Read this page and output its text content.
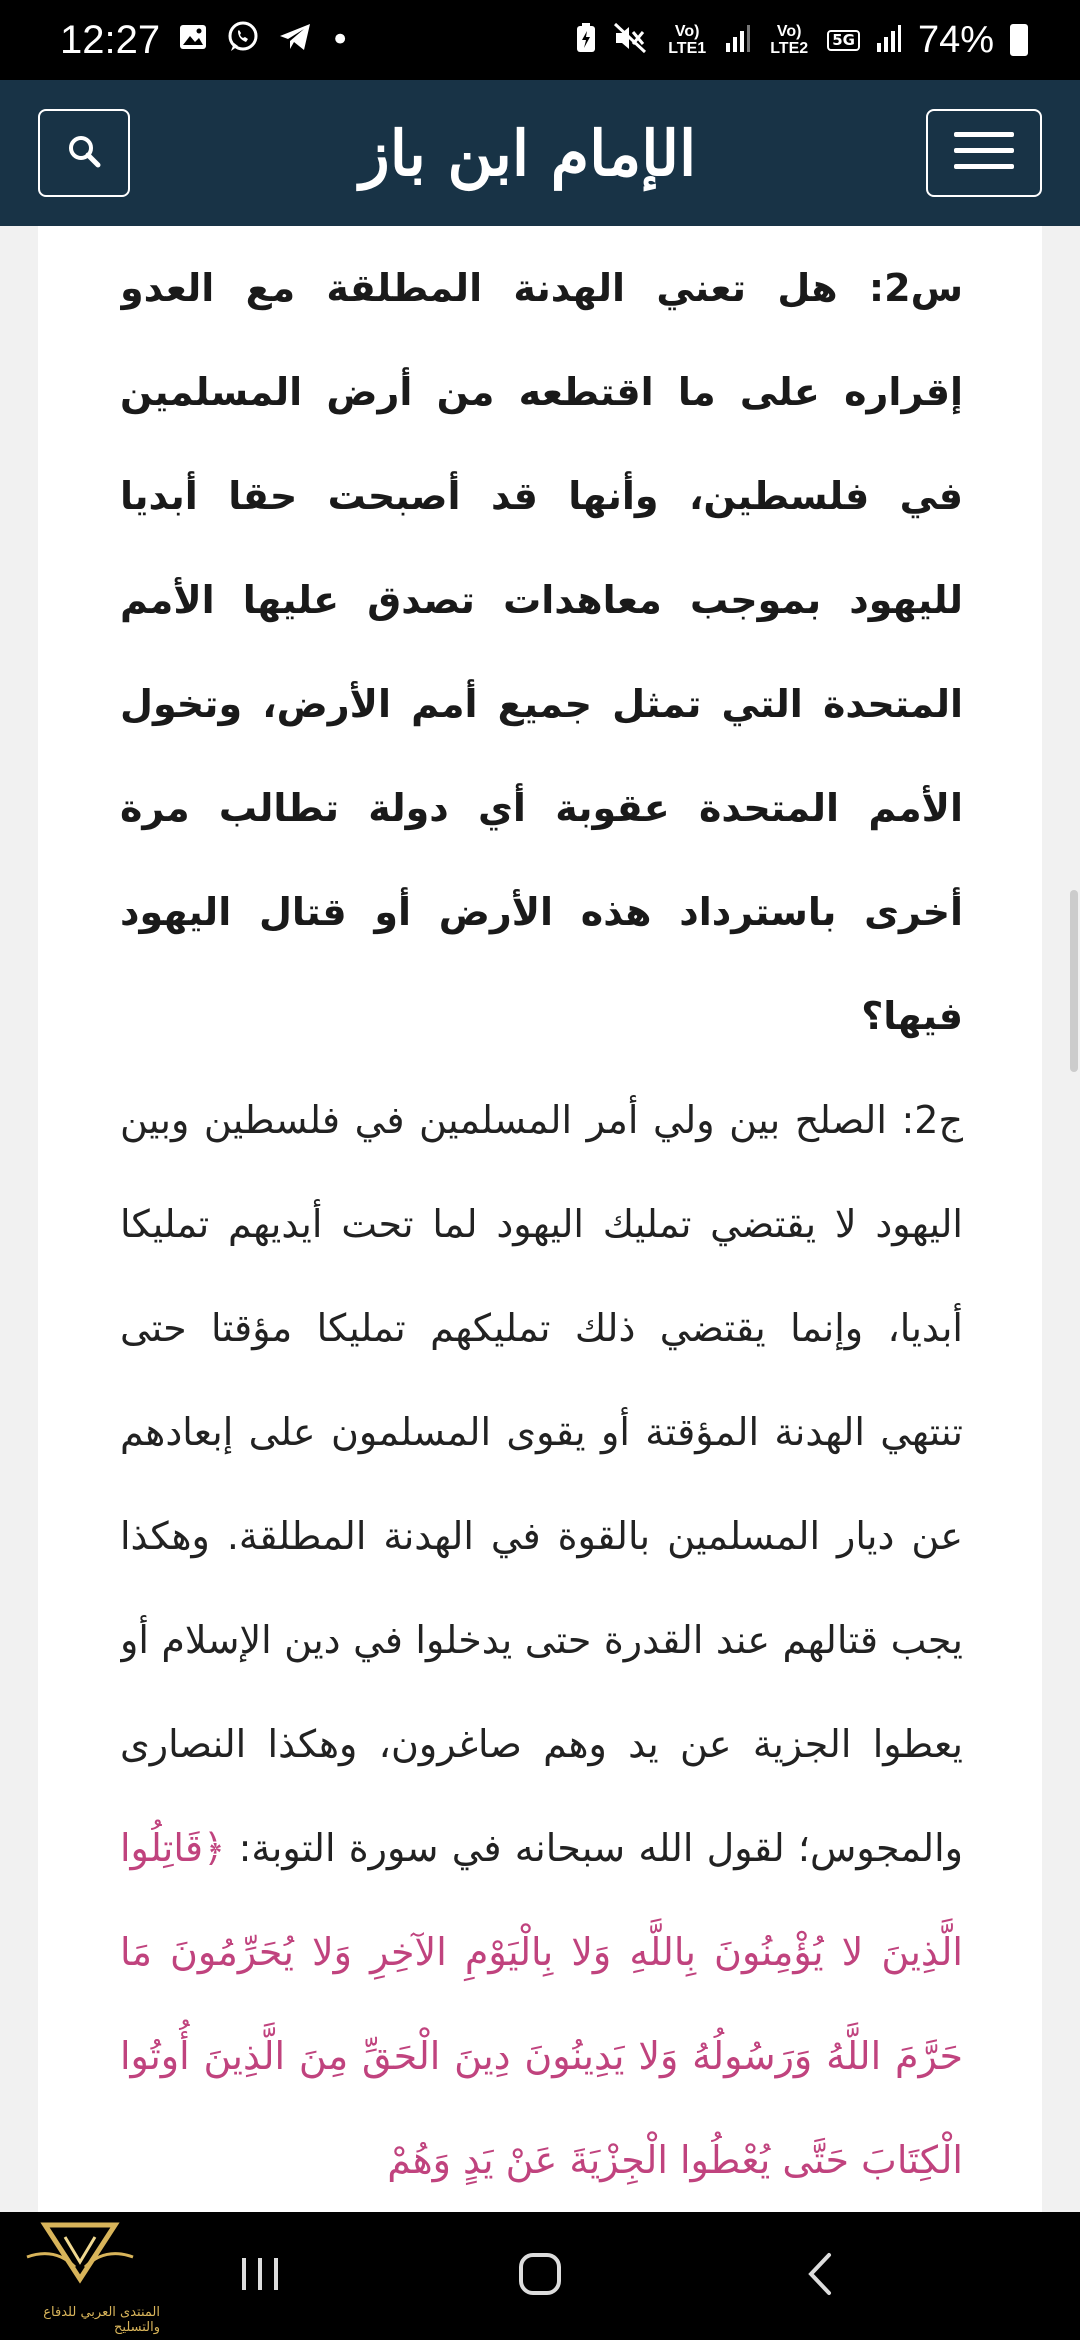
12:27	•	Vo) LTE1
Vo) LTE2	5G 74%
الإمام ابن باز

س2: هل تعني الهدنة المطلقة مع العدو إقراره على ما اقتطعه من أرض المسلمين في فلسطين، وأنها قد أصبحت حقا أبديا لليهود بموجب معاهدات تصدق عليها الأمم المتحدة التي تمثل جميع أمم الأرض، وتخول الأمم المتحدة عقوبة أي دولة تطالب مرة أخرى باسترداد هذه الأرض أو قتال اليهود فيها؟

ج2: الصلح بين ولي أمر المسلمين في فلسطين وبين اليهود لا يقتضي تمليك اليهود لما تحت أيديهم تمليكا أبديا، وإنما يقتضي ذلك تمليكهم تمليكا مؤقتا حتى تنتهي الهدنة المؤقتة أو يقوى المسلمون على إبعادهم عن ديار المسلمين بالقوة في الهدنة المطلقة. وهكذا يجب قتالهم عند القدرة حتى يدخلوا في دين الإسلام أو يعطوا الجزية عن يد وهم صاغرون، وهكذا النصارى والمجوس؛ لقول الله سبحانه في سورة التوبة: ﴿قَاتِلُوا الَّذِينَ لا يُؤْمِنُونَ بِاللَّهِ وَلا بِالْيَوْمِ الآخِرِ وَلا يُحَرِّمُونَ مَا حَرَّمَ اللَّهُ وَرَسُولُهُ وَلا يَدِينُونَ دِينَ الْحَقِّ مِنَ الَّذِينَ أُوتُوا الْكِتَابَ حَتَّى يُعْطُوا الْجِزْيَةَ عَنْ يَدٍ وَهُمْ

المنتدى العربي للدفاع والتسليح
